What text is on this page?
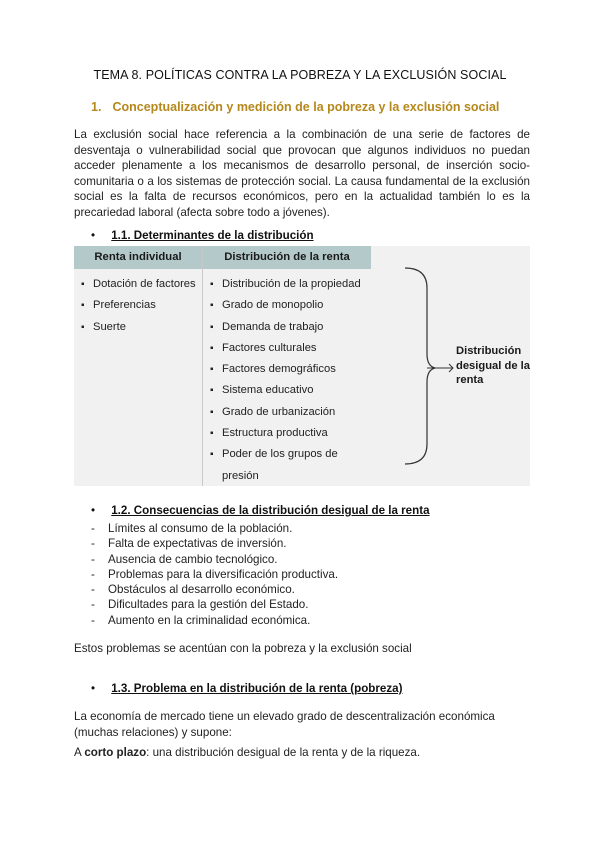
TEMA 8. POLÍTICAS CONTRA LA POBREZA Y LA EXCLUSIÓN SOCIAL
1. Conceptualización y medición de la pobreza y la exclusión social
La exclusión social hace referencia a la combinación de una serie de factores de desventaja o vulnerabilidad social que provocan que algunos individuos no puedan acceder plenamente a los mecanismos de desarrollo personal, de inserción socio-comunitaria o a los sistemas de protección social. La causa fundamental de la exclusión social es la falta de recursos económicos, pero en la actualidad también lo es la precariedad laboral (afecta sobre todo a jóvenes).
• 1.1. Determinantes de la distribución
Renta individual	Distribución de la renta
▪ Dotación de factores
▪ Preferencias
▪ Suerte
▪ Distribución de la propiedad
▪ Grado de monopolio
▪ Demanda de trabajo
▪ Factores culturales
▪ Factores demográficos
▪ Sistema educativo
▪ Grado de urbanización
▪ Estructura productiva
▪ Poder de los grupos de presión
Distribución desigual de la renta
• 1.2. Consecuencias de la distribución desigual de la renta
- Límites al consumo de la población.
- Falta de expectativas de inversión.
- Ausencia de cambio tecnológico.
- Problemas para la diversificación productiva.
- Obstáculos al desarrollo económico.
- Dificultades para la gestión del Estado.
- Aumento en la criminalidad económica.
Estos problemas se acentúan con la pobreza y la exclusión social
• 1.3. Problema en la distribución de la renta (pobreza)
La economía de mercado tiene un elevado grado de descentralización económica (muchas relaciones) y supone:
A corto plazo: una distribución desigual de la renta y de la riqueza.
